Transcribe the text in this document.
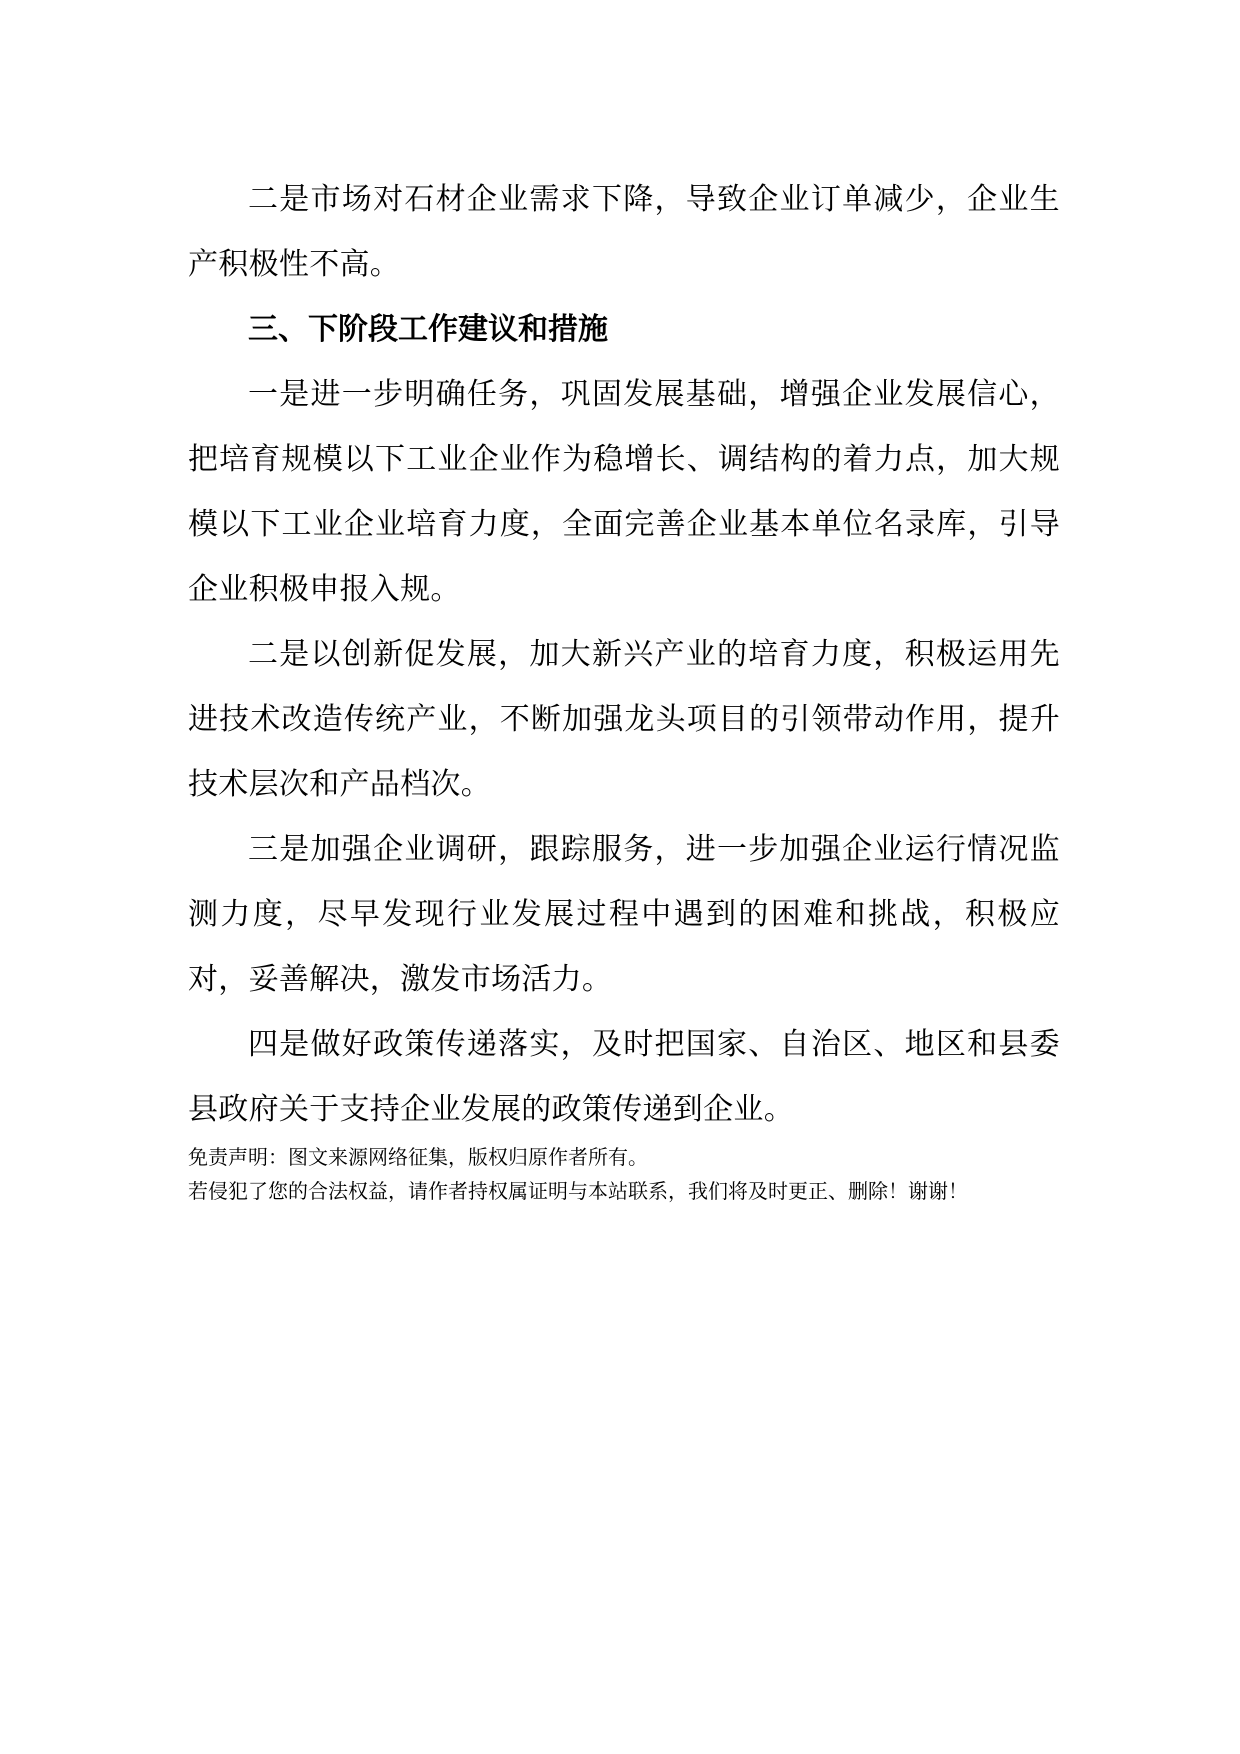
二是市场对石材企业需求下降，导致企业订单减少，企业生产积极性不高。

三、下阶段工作建议和措施

一是进一步明确任务，巩固发展基础，增强企业发展信心，把培育规模以下工业企业作为稳增长、调结构的着力点，加大规模以下工业企业培育力度，全面完善企业基本单位名录库，引导企业积极申报入规。

二是以创新促发展，加大新兴产业的培育力度，积极运用先进技术改造传统产业，不断加强龙头项目的引领带动作用，提升技术层次和产品档次。

三是加强企业调研，跟踪服务，进一步加强企业运行情况监测力度，尽早发现行业发展过程中遇到的困难和挑战，积极应对，妥善解决，激发市场活力。

四是做好政策传递落实，及时把国家、自治区、地区和县委县政府关于支持企业发展的政策传递到企业。

免责声明：图文来源网络征集，版权归原作者所有。

若侵犯了您的合法权益，请作者持权属证明与本站联系，我们将及时更正、删除！谢谢！
